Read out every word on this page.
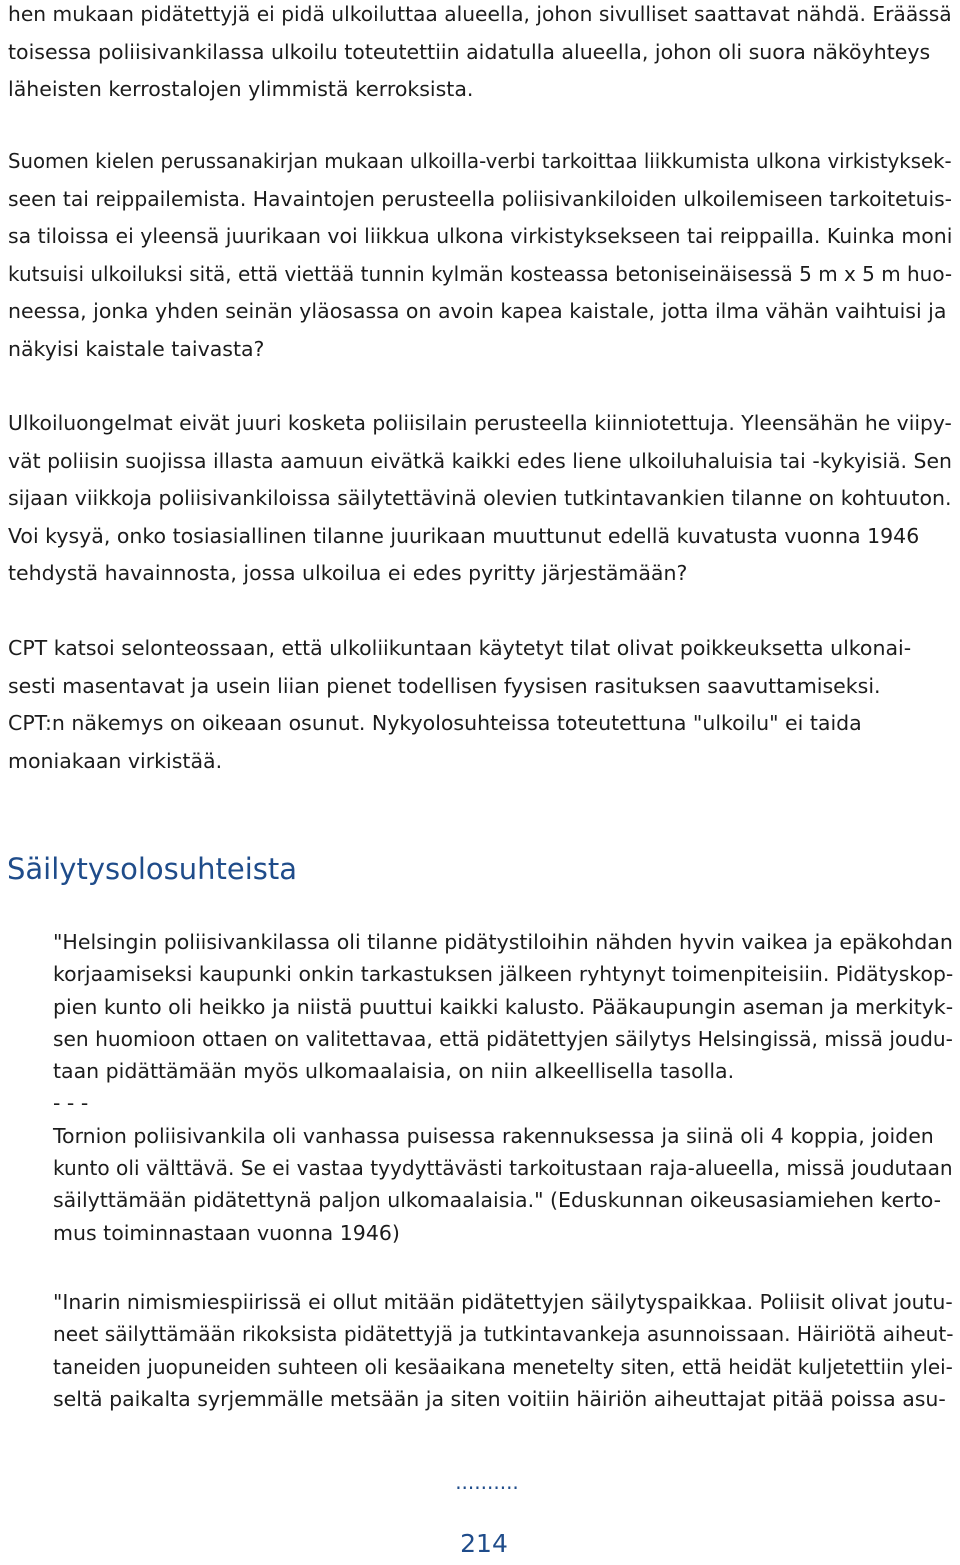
hen mukaan pidätettyjä ei pidä ulkoiluttaa alueella, johon sivulliset saattavat nähdä. Eräässä
toisessa poliisivankilassa ulkoilu toteutettiin aidatulla alueella, johon oli suora näköyhteys
läheisten kerrostalojen ylimmistä kerroksista.

Suomen kielen perussanakirjan mukaan ulkoilla-verbi tarkoittaa liikkumista ulkona virkistyksek-
seen tai reippailemista. Havaintojen perusteella poliisivankiloiden ulkoilemiseen tarkoitetuis-
sa tiloissa ei yleensä juurikaan voi liikkua ulkona virkistyksekseen tai reippailla. Kuinka moni
kutsuisi ulkoiluksi sitä, että viettää tunnin kylmän kosteassa betoniseinäisessä 5 m x 5 m huo-
neessa, jonka yhden seinän yläosassa on avoin kapea kaistale, jotta ilma vähän vaihtuisi ja
näkyisi kaistale taivasta?

Ulkoiluongelmat eivät juuri kosketa poliisilain perusteella kiinniotettuja. Yleensähän he viipy-
vät poliisin suojissa illasta aamuun eivätkä kaikki edes liene ulkoiluhaluisia tai -kykyisiä. Sen
sijaan viikkoja poliisivankiloissa säilytettävinä olevien tutkintavankien tilanne on kohtuuton.
Voi kysyä, onko tosiasiallinen tilanne juurikaan muuttunut edellä kuvatusta vuonna 1946
tehdystä havainnosta, jossa ulkoilua ei edes pyritty järjestämään?

CPT katsoi selonteossaan, että ulkoliikuntaan käytetyt tilat olivat poikkeuksetta ulkonai-
sesti masentavat ja usein liian pienet todellisen fyysisen rasituksen saavuttamiseksi.
CPT:n näkemys on oikeaan osunut. Nykyolosuhteissa toteutettuna "ulkoilu" ei taida
moniakaan virkistää.

Säilytysolosuhteista

"Helsingin poliisivankilassa oli tilanne pidätystiloihin nähden hyvin vaikea ja epäkohdan
korjaamiseksi kaupunki onkin tarkastuksen jälkeen ryhtynyt toimenpiteisiin. Pidätyskop-
pien kunto oli heikko ja niistä puuttui kaikki kalusto. Pääkaupungin aseman ja merkityk-
sen huomioon ottaen on valitettavaa, että pidätettyjen säilytys Helsingissä, missä joudu-
taan pidättämään myös ulkomaalaisia, on niin alkeellisella tasolla.
- - -
Tornion poliisivankila oli vanhassa puisessa rakennuksessa ja siinä oli 4 koppia, joiden
kunto oli välttävä. Se ei vastaa tyydyttävästi tarkoitustaan raja-alueella, missä joudutaan
säilyttämään pidätettynä paljon ulkomaalaisia." (Eduskunnan oikeusasiamiehen kerto-
mus toiminnastaan vuonna 1946)

"Inarin nimismiespiirissä ei ollut mitään pidätettyjen säilytyspaikkaa. Poliisit olivat joutu-
neet säilyttämään rikoksista pidätettyjä ja tutkintavankeja asunnoissaan. Häiriötä aiheut-
taneiden juopuneiden suhteen oli kesäaikana menetelty siten, että heidät kuljetettiin ylei-
seltä paikalta syrjemmälle metsään ja siten voitiin häiriön aiheuttajat pitää poissa asu-

..........
214
